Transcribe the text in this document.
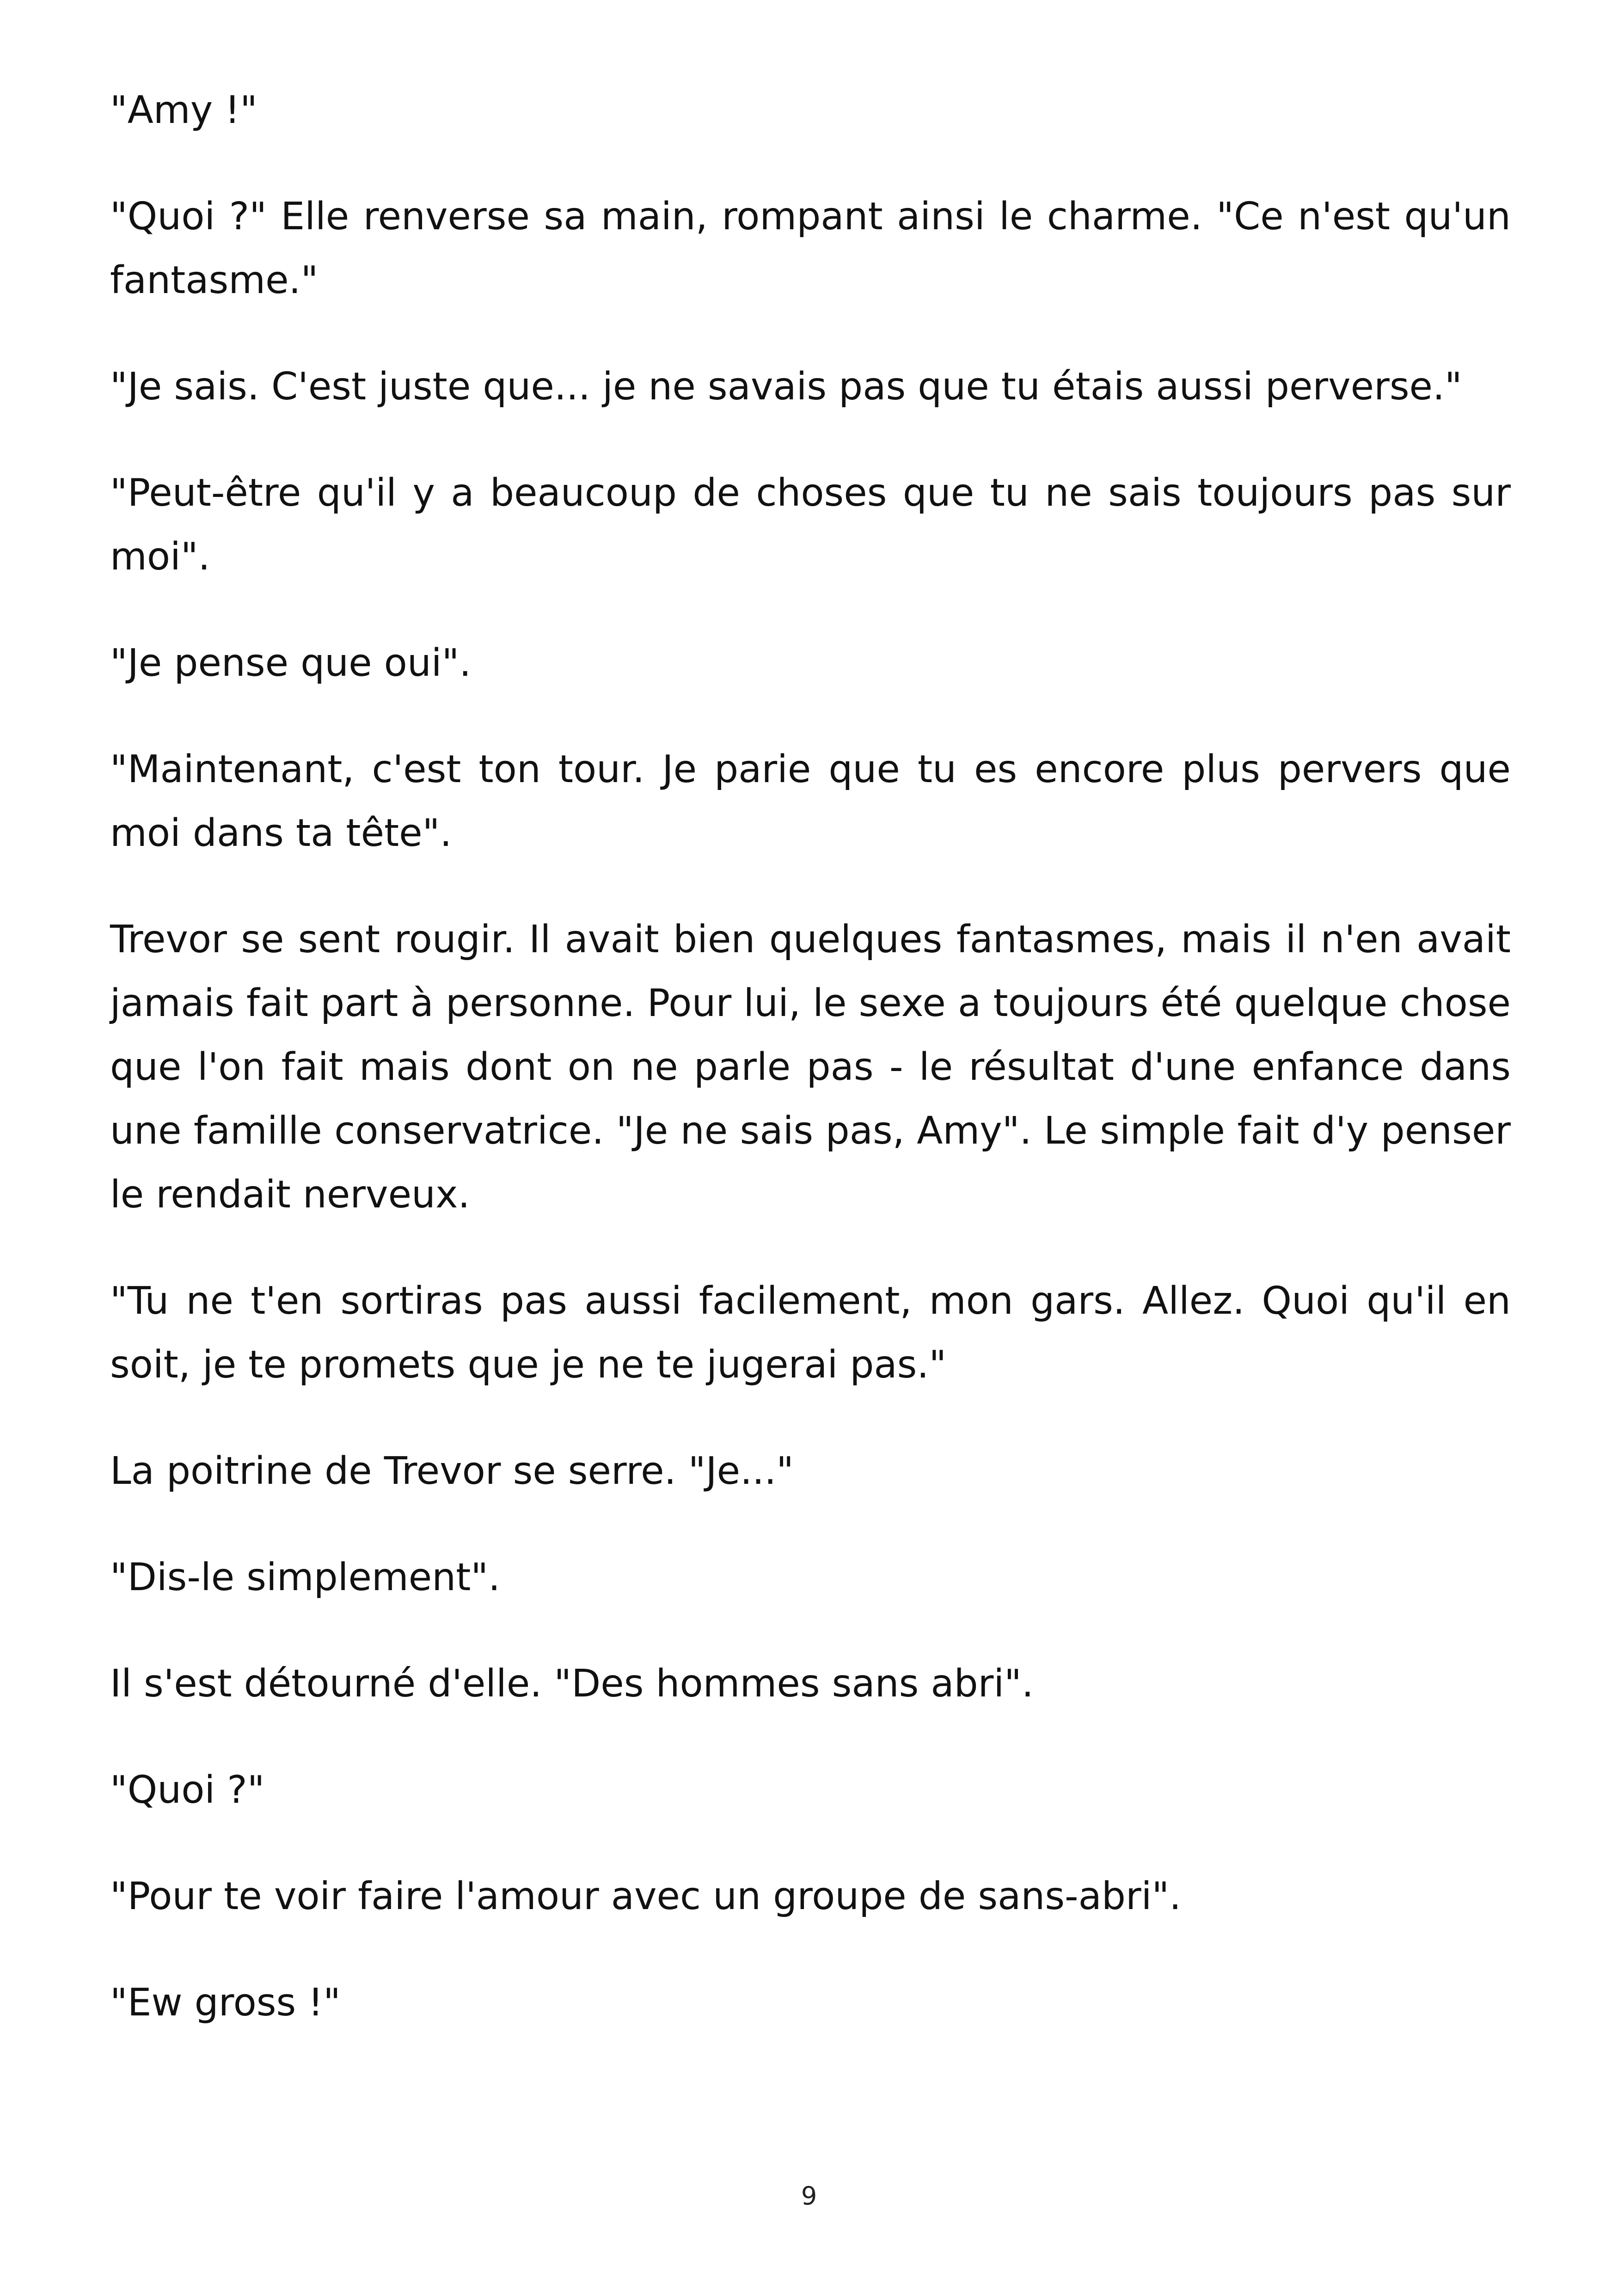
"Amy !"

"Quoi ?" Elle renverse sa main, rompant ainsi le charme. "Ce n'est qu'un fantasme."

"Je sais. C'est juste que... je ne savais pas que tu étais aussi perverse."

"Peut-être qu'il y a beaucoup de choses que tu ne sais toujours pas sur moi".

"Je pense que oui".

"Maintenant, c'est ton tour. Je parie que tu es encore plus pervers que moi dans ta tête".

Trevor se sent rougir. Il avait bien quelques fantasmes, mais il n'en avait jamais fait part à personne. Pour lui, le sexe a toujours été quelque chose que l'on fait mais dont on ne parle pas - le résultat d'une enfance dans une famille conservatrice. "Je ne sais pas, Amy". Le simple fait d'y penser le rendait nerveux.

"Tu ne t'en sortiras pas aussi facilement, mon gars. Allez. Quoi qu'il en soit, je te promets que je ne te jugerai pas."

La poitrine de Trevor se serre. "Je..."

"Dis-le simplement".

Il s'est détourné d'elle. "Des hommes sans abri".

"Quoi ?"

"Pour te voir faire l'amour avec un groupe de sans-abri".

"Ew gross !"

9
